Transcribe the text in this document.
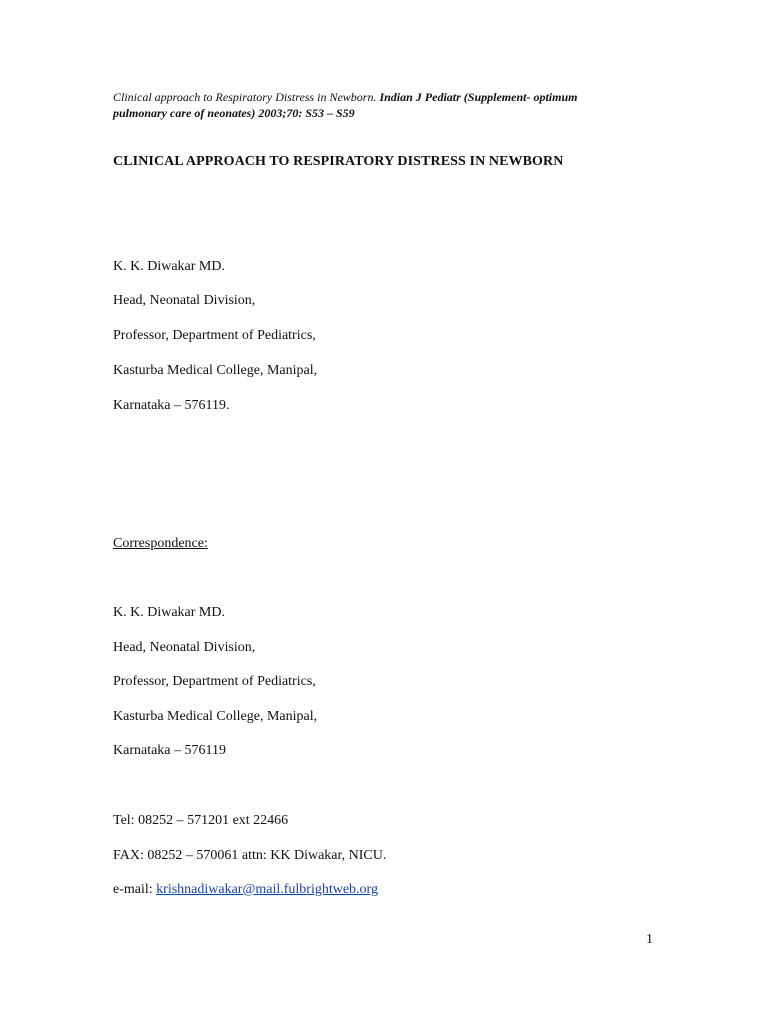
Clinical approach to Respiratory Distress in Newborn. Indian J Pediatr (Supplement- optimum pulmonary care of neonates) 2003;70: S53 – S59
CLINICAL APPROACH TO RESPIRATORY DISTRESS IN NEWBORN
K. K. Diwakar MD.
Head, Neonatal Division,
Professor, Department of Pediatrics,
Kasturba Medical College, Manipal,
Karnataka – 576119.
Correspondence:
K. K. Diwakar MD.
Head, Neonatal Division,
Professor, Department of Pediatrics,
Kasturba Medical College, Manipal,
Karnataka – 576119
Tel: 08252 – 571201 ext 22466
FAX: 08252 – 570061 attn: KK Diwakar, NICU.
e-mail: krishnadiwakar@mail.fulbrightweb.org
1
